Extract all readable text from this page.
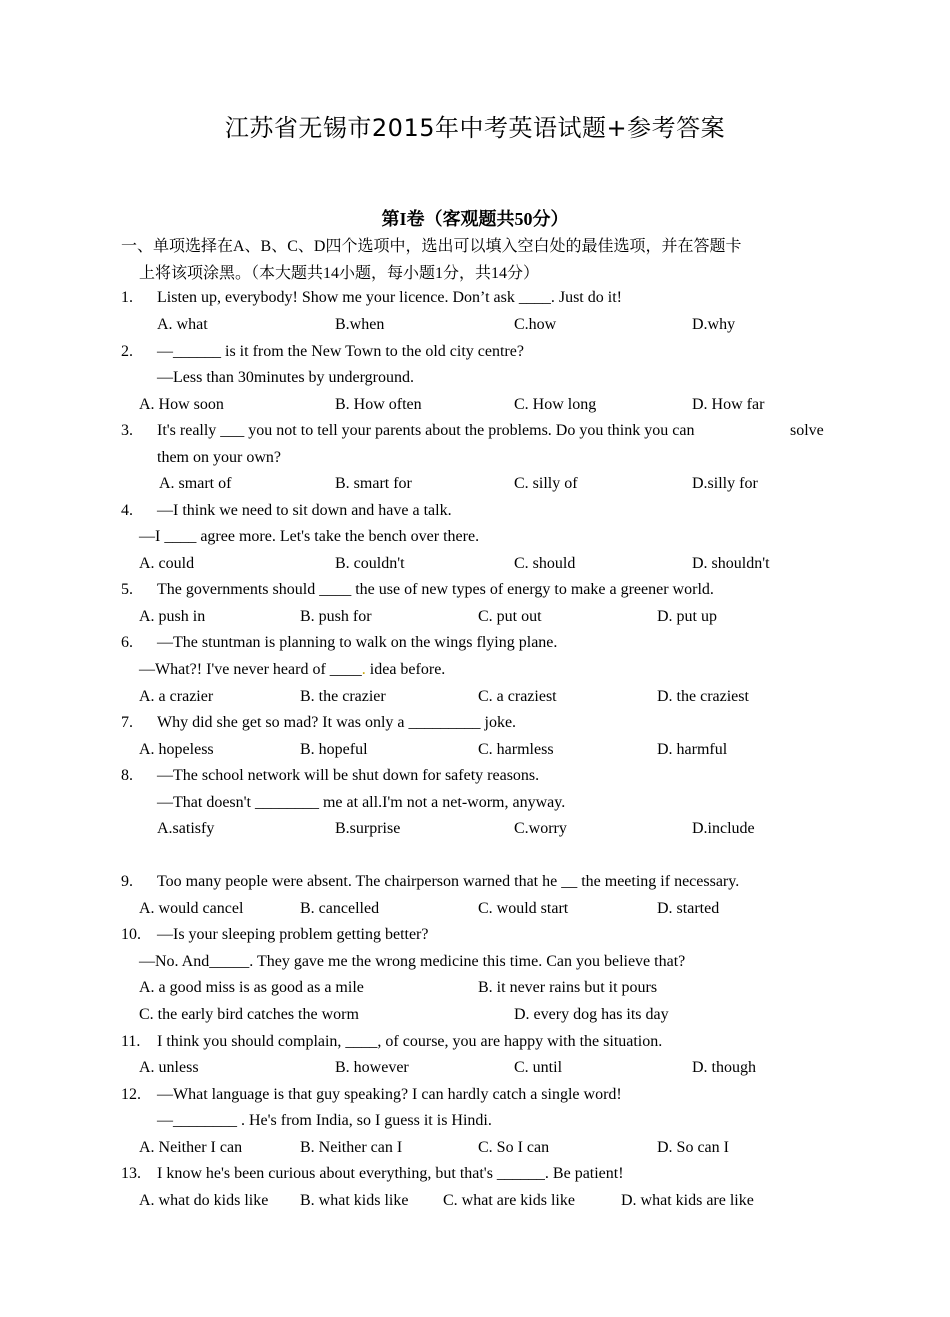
江苏省无锡市2015年中考英语试题+参考答案
第I卷（客观题共50分）
一、单项选择在A、B、C、D四个选项中，选出可以填入空白处的最佳选项，并在答题卡
上将该项涂黑。（本大题共14小题，每小题1分，共14分）
1. Listen up, everybody! Show me your licence. Don’t ask ____. Just do it!
A. what	B.when	C.how	D.why
2. —______ is it from the New Town to the old city centre?
—Less than 30minutes by underground.
A. How soon	B. How often	C. How long	D. How far
3. It's really ___ you not to tell your parents about the problems. Do you think you can	solve
them on your own?
A. smart of	B. smart for	C. silly of	D.silly for
4. —I think we need to sit down and have a talk.
—I ____ agree more. Let's take the bench over there.
A. could	B. couldn't	C. should	D. shouldn't
5. The governments should ____ the use of new types of energy to make a greener world.
A. push in	B. push for	C. put out	D. put up
6. —The stuntman is planning to walk on the wings flying plane.
—What?! I've never heard of ____. idea before.
A. a crazier	B. the crazier	C. a craziest	D. the craziest
7. Why did she get so mad? It was only a _________ joke.
A. hopeless	B. hopeful	C. harmless	D. harmful
8. —The school network will be shut down for safety reasons.
—That doesn't ________ me at all.I'm not a net-worm, anyway.
A.satisfy	B.surprise	C.worry	D.include
9. Too many people were absent. The chairperson warned that he __ the meeting if necessary.
A. would cancel	B. cancelled	C. would start	D. started
10. —Is your sleeping problem getting better?
—No. And_____. They gave me the wrong medicine this time. Can you believe that?
A. a good miss is as good as a mile	B. it never rains but it pours
C. the early bird catches the worm	D. every dog has its day
11. I think you should complain, ____, of course, you are happy with the situation.
A. unless	B. however	C. until	D. though
12. —What language is that guy speaking? I can hardly catch a single word!
—________ . He's from India, so I guess it is Hindi.
A. Neither I can	B. Neither can I	C. So I can	D. So can I
13. I know he's been curious about everything, but that's ______. Be patient!
A. what do kids like B. what kids like C. what are kids like	D. what kids are like
